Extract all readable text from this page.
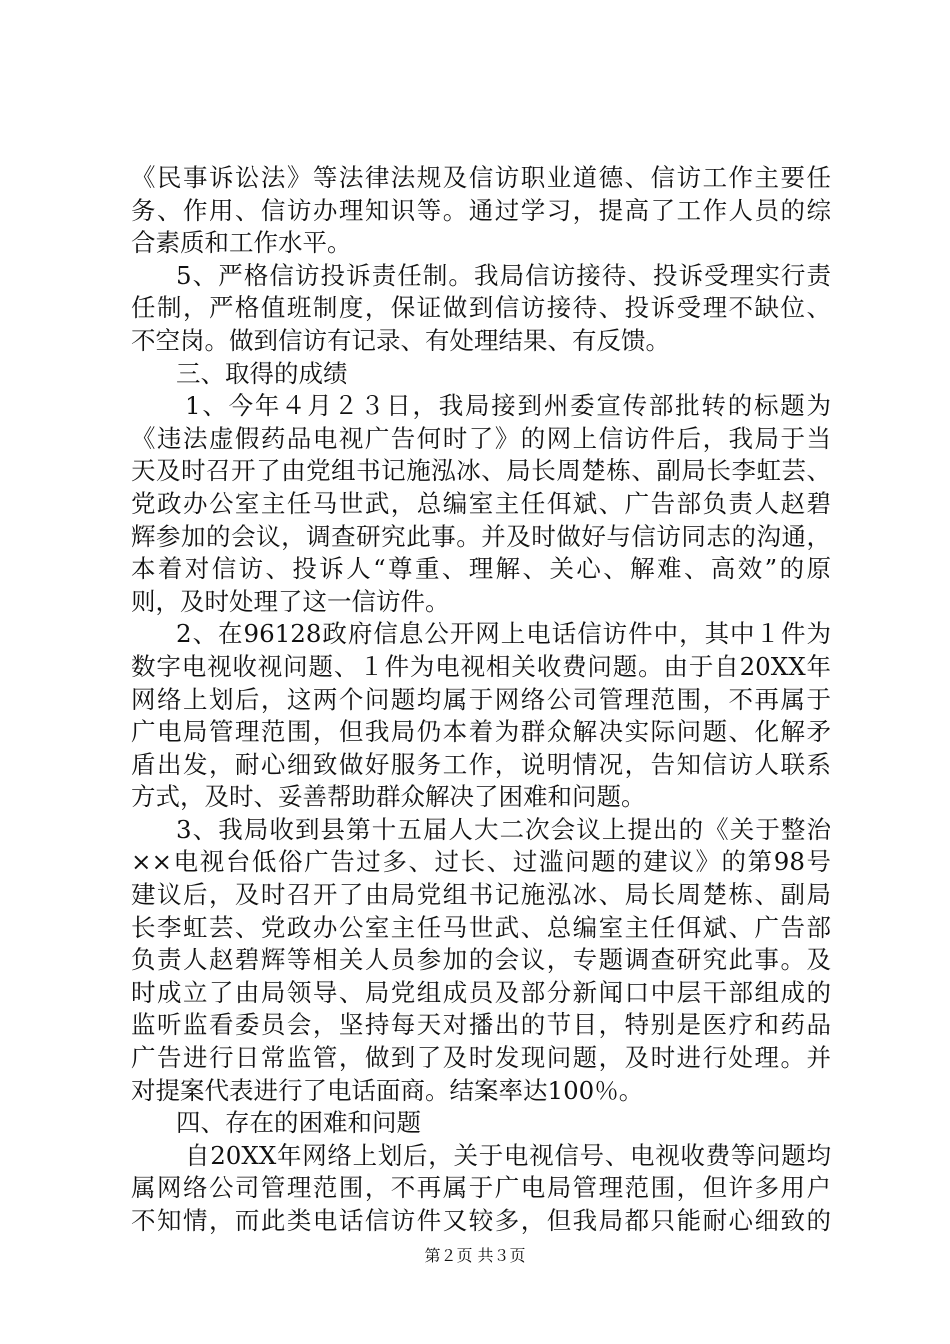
《民事诉讼法》等法律法规及信访职业道德、信访工作主要任
务、作用、信访办理知识等。通过学习，提高了工作人员的综
合素质和工作水平。
5、严格信访投诉责任制。我局信访接待、投诉受理实行责
任制，严格值班制度，保证做到信访接待、投诉受理不缺位、
不空岗。做到信访有记录、有处理结果、有反馈。
三、取得的成绩
1、今年４月２３日，我局接到州委宣传部批转的标题为
《违法虚假药品电视广告何时了》的网上信访件后，我局于当
天及时召开了由党组书记施泓冰、局长周楚栋、副局长李虹芸、
党政办公室主任马世武，总编室主任佴斌、广告部负责人赵碧
辉参加的会议，调查研究此事。并及时做好与信访同志的沟通，
本着对信访、投诉人“尊重、理解、关心、解难、高效”的原
则，及时处理了这一信访件。
2、在96128政府信息公开网上电话信访件中，其中１件为
数字电视收视问题、１件为电视相关收费问题。由于自20XX年
网络上划后，这两个问题均属于网络公司管理范围，不再属于
广电局管理范围，但我局仍本着为群众解决实际问题、化解矛
盾出发，耐心细致做好服务工作，说明情况，告知信访人联系
方式，及时、妥善帮助群众解决了困难和问题。
3、我局收到县第十五届人大二次会议上提出的《关于整治
××电视台低俗广告过多、过长、过滥问题的建议》的第98号
建议后，及时召开了由局党组书记施泓冰、局长周楚栋、副局
长李虹芸、党政办公室主任马世武、总编室主任佴斌、广告部
负责人赵碧辉等相关人员参加的会议，专题调查研究此事。及
时成立了由局领导、局党组成员及部分新闻口中层干部组成的
监听监看委员会，坚持每天对播出的节目，特别是医疗和药品
广告进行日常监管，做到了及时发现问题，及时进行处理。并
对提案代表进行了电话面商。结案率达100％。
四、存在的困难和问题
自20XX年网络上划后，关于电视信号、电视收费等问题均
属网络公司管理范围，不再属于广电局管理范围，但许多用户
不知情，而此类电话信访件又较多，但我局都只能耐心细致的
第２页 共３页
